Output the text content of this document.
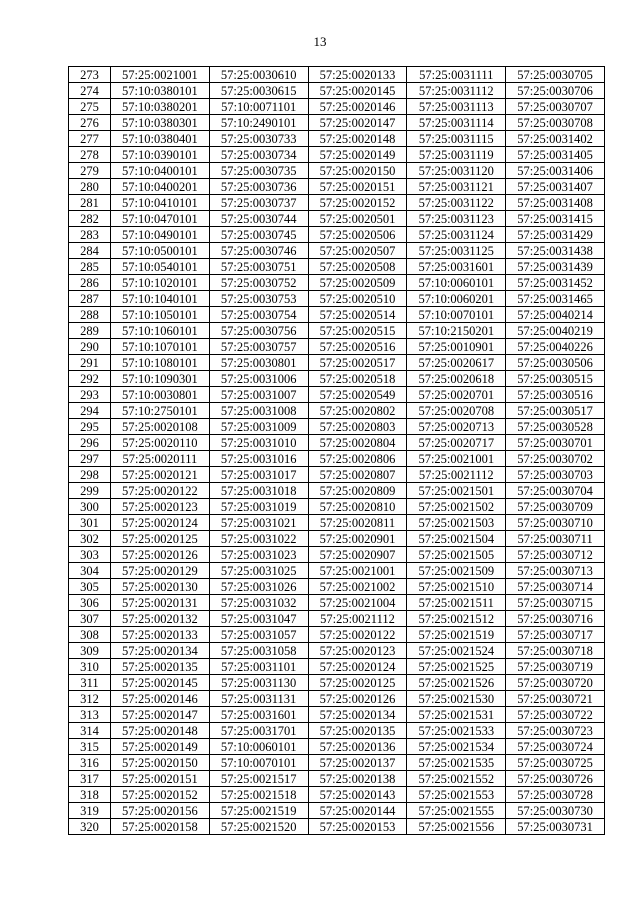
13
273	57:25:0021001	57:25:0030610	57:25:0020133	57:25:0031111	57:25:0030705
274	57:10:0380101	57:25:0030615	57:25:0020145	57:25:0031112	57:25:0030706
275	57:10:0380201	57:10:0071101	57:25:0020146	57:25:0031113	57:25:0030707
276	57:10:0380301	57:10:2490101	57:25:0020147	57:25:0031114	57:25:0030708
277	57:10:0380401	57:25:0030733	57:25:0020148	57:25:0031115	57:25:0031402
278	57:10:0390101	57:25:0030734	57:25:0020149	57:25:0031119	57:25:0031405
279	57:10:0400101	57:25:0030735	57:25:0020150	57:25:0031120	57:25:0031406
280	57:10:0400201	57:25:0030736	57:25:0020151	57:25:0031121	57:25:0031407
281	57:10:0410101	57:25:0030737	57:25:0020152	57:25:0031122	57:25:0031408
282	57:10:0470101	57:25:0030744	57:25:0020501	57:25:0031123	57:25:0031415
283	57:10:0490101	57:25:0030745	57:25:0020506	57:25:0031124	57:25:0031429
284	57:10:0500101	57:25:0030746	57:25:0020507	57:25:0031125	57:25:0031438
285	57:10:0540101	57:25:0030751	57:25:0020508	57:25:0031601	57:25:0031439
286	57:10:1020101	57:25:0030752	57:25:0020509	57:10:0060101	57:25:0031452
287	57:10:1040101	57:25:0030753	57:25:0020510	57:10:0060201	57:25:0031465
288	57:10:1050101	57:25:0030754	57:25:0020514	57:10:0070101	57:25:0040214
289	57:10:1060101	57:25:0030756	57:25:0020515	57:10:2150201	57:25:0040219
290	57:10:1070101	57:25:0030757	57:25:0020516	57:25:0010901	57:25:0040226
291	57:10:1080101	57:25:0030801	57:25:0020517	57:25:0020617	57:25:0030506
292	57:10:1090301	57:25:0031006	57:25:0020518	57:25:0020618	57:25:0030515
293	57:10:0030801	57:25:0031007	57:25:0020549	57:25:0020701	57:25:0030516
294	57:10:2750101	57:25:0031008	57:25:0020802	57:25:0020708	57:25:0030517
295	57:25:0020108	57:25:0031009	57:25:0020803	57:25:0020713	57:25:0030528
296	57:25:0020110	57:25:0031010	57:25:0020804	57:25:0020717	57:25:0030701
297	57:25:0020111	57:25:0031016	57:25:0020806	57:25:0021001	57:25:0030702
298	57:25:0020121	57:25:0031017	57:25:0020807	57:25:0021112	57:25:0030703
299	57:25:0020122	57:25:0031018	57:25:0020809	57:25:0021501	57:25:0030704
300	57:25:0020123	57:25:0031019	57:25:0020810	57:25:0021502	57:25:0030709
301	57:25:0020124	57:25:0031021	57:25:0020811	57:25:0021503	57:25:0030710
302	57:25:0020125	57:25:0031022	57:25:0020901	57:25:0021504	57:25:0030711
303	57:25:0020126	57:25:0031023	57:25:0020907	57:25:0021505	57:25:0030712
304	57:25:0020129	57:25:0031025	57:25:0021001	57:25:0021509	57:25:0030713
305	57:25:0020130	57:25:0031026	57:25:0021002	57:25:0021510	57:25:0030714
306	57:25:0020131	57:25:0031032	57:25:0021004	57:25:0021511	57:25:0030715
307	57:25:0020132	57:25:0031047	57:25:0021112	57:25:0021512	57:25:0030716
308	57:25:0020133	57:25:0031057	57:25:0020122	57:25:0021519	57:25:0030717
309	57:25:0020134	57:25:0031058	57:25:0020123	57:25:0021524	57:25:0030718
310	57:25:0020135	57:25:0031101	57:25:0020124	57:25:0021525	57:25:0030719
311	57:25:0020145	57:25:0031130	57:25:0020125	57:25:0021526	57:25:0030720
312	57:25:0020146	57:25:0031131	57:25:0020126	57:25:0021530	57:25:0030721
313	57:25:0020147	57:25:0031601	57:25:0020134	57:25:0021531	57:25:0030722
314	57:25:0020148	57:25:0031701	57:25:0020135	57:25:0021533	57:25:0030723
315	57:25:0020149	57:10:0060101	57:25:0020136	57:25:0021534	57:25:0030724
316	57:25:0020150	57:10:0070101	57:25:0020137	57:25:0021535	57:25:0030725
317	57:25:0020151	57:25:0021517	57:25:0020138	57:25:0021552	57:25:0030726
318	57:25:0020152	57:25:0021518	57:25:0020143	57:25:0021553	57:25:0030728
319	57:25:0020156	57:25:0021519	57:25:0020144	57:25:0021555	57:25:0030730
320	57:25:0020158	57:25:0021520	57:25:0020153	57:25:0021556	57:25:0030731
